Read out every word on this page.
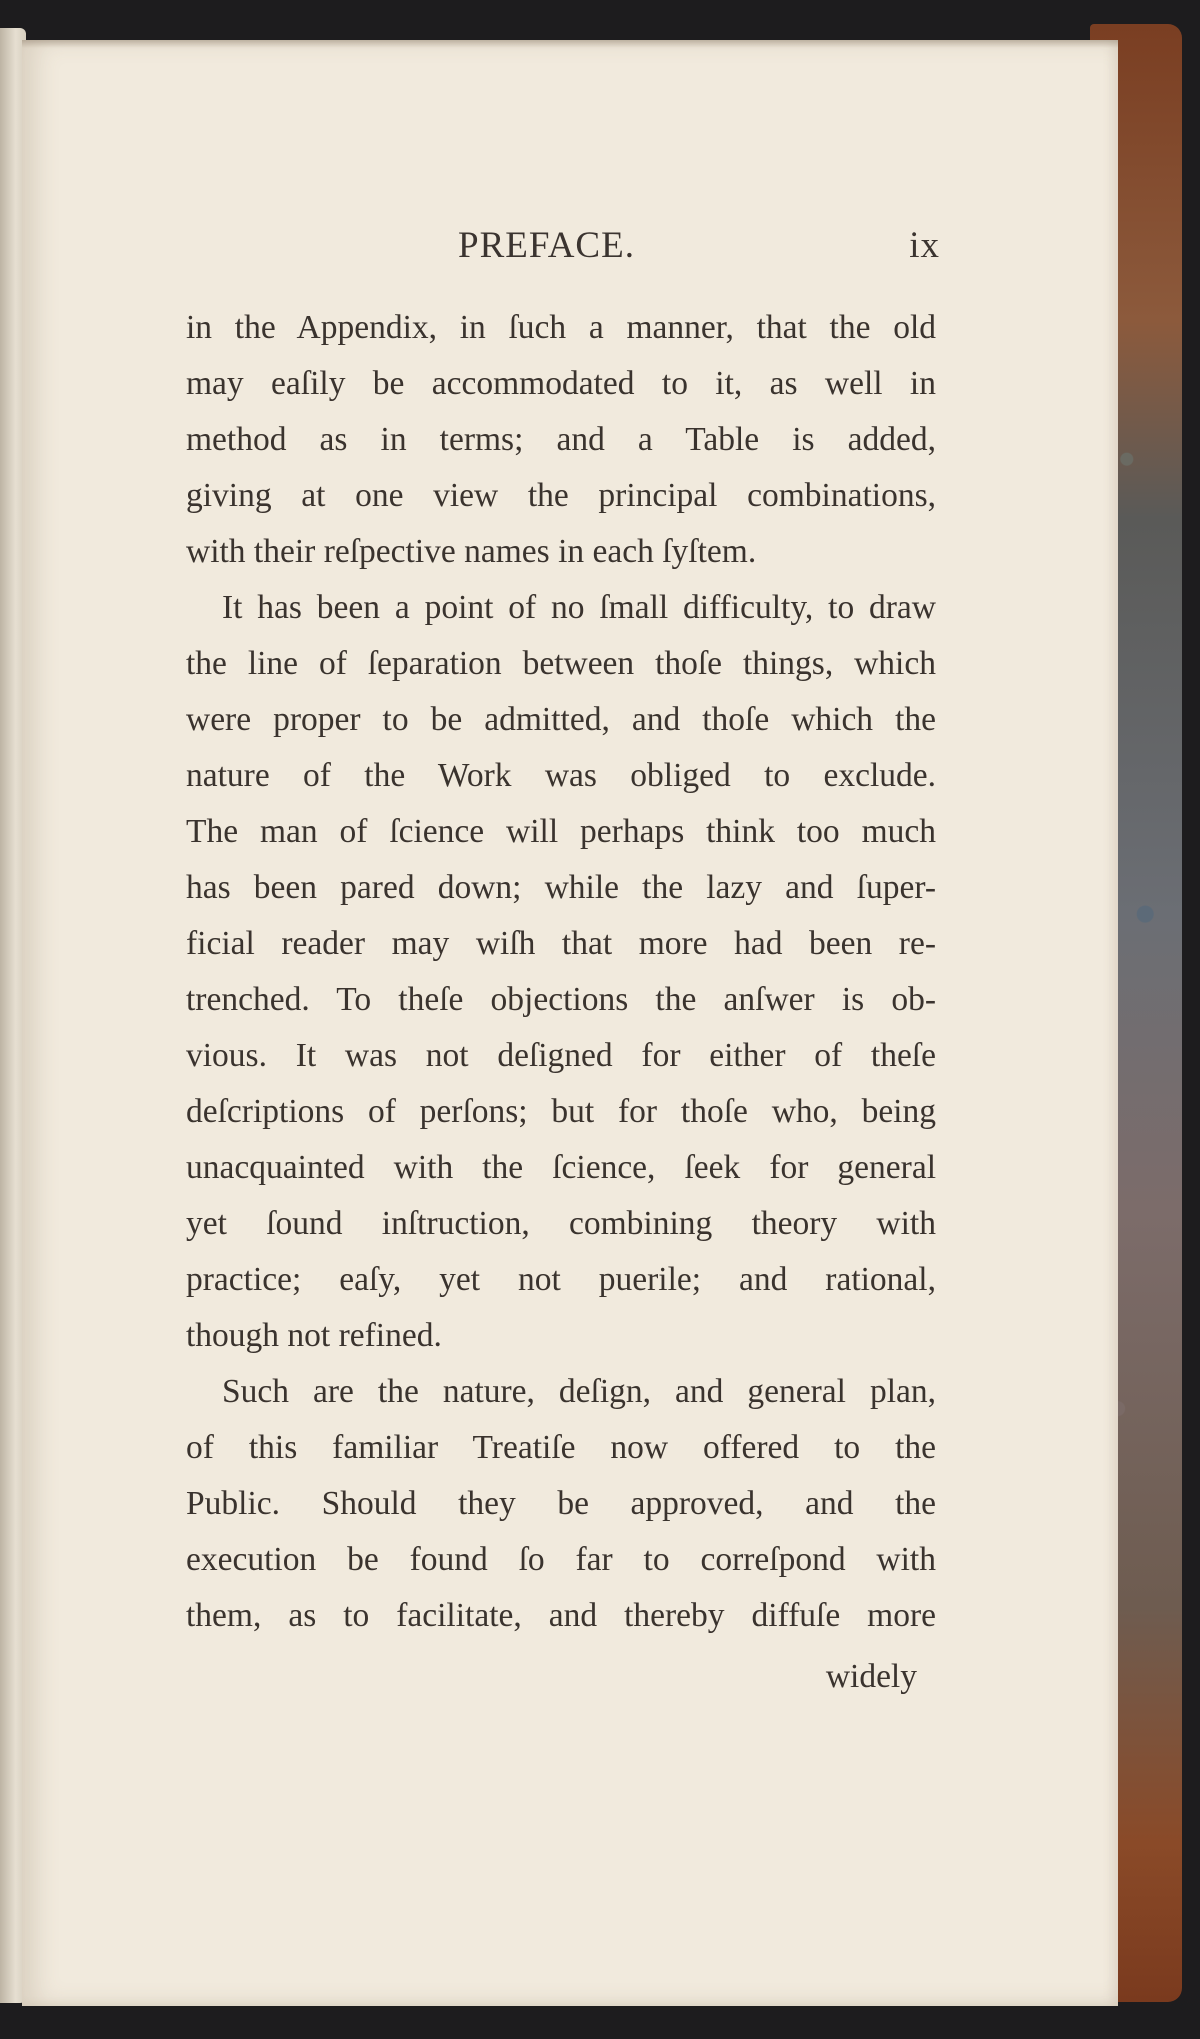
PREFACE.	ix
in the Appendix, in ſuch a manner, that the old
may eaſily be accommodated to it, as well in
method as in terms; and a Table is added,
giving at one view the principal combinations,
with their reſpective names in each ſyſtem.
It has been a point of no ſmall difficulty, to draw
the line of ſeparation between thoſe things, which
were proper to be admitted, and thoſe which the
nature of the Work was obliged to exclude.
The man of ſcience will perhaps think too much
has been pared down; while the lazy and ſuper-
ficial reader may wiſh that more had been re-
trenched. To theſe objections the anſwer is ob-
vious. It was not deſigned for either of theſe
deſcriptions of perſons; but for thoſe who, being
unacquainted with the ſcience, ſeek for general
yet ſound inſtruction, combining theory with
practice; eaſy, yet not puerile; and rational,
though not refined.
Such are the nature, deſign, and general plan,
of this familiar Treatiſe now offered to the
Public. Should they be approved, and the
execution be found ſo far to correſpond with
them, as to facilitate, and thereby diffuſe more
widely
